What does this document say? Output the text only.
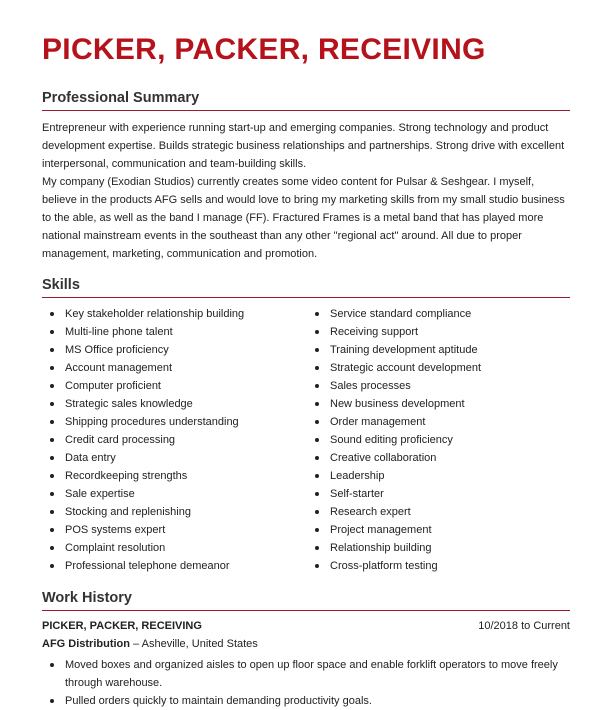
PICKER, PACKER, RECEIVING
Professional Summary

Entrepreneur with experience running start-up and emerging companies. Strong technology and product development expertise. Builds strategic business relationships and partnerships. Strong drive with excellent interpersonal, communication and team-building skills.

My company (Exodian Studios) currently creates some video content for Pulsar & Seshgear. I myself, believe in the products AFG sells and would love to bring my marketing skills from my small studio business to the able, as well as the band I manage (FF). Fractured Frames is a metal band that has played more national mainstream events in the southeast than any other "regional act" around. All due to proper management, marketing, communication and promotion.

Skills
Key stakeholder relationship building
Multi-line phone talent
MS Office proficiency
Account management
Computer proficient
Strategic sales knowledge
Shipping procedures understanding
Credit card processing
Data entry
Recordkeeping strengths
Sale expertise
Stocking and replenishing
POS systems expert
Complaint resolution
Professional telephone demeanor
Service standard compliance
Receiving support
Training development aptitude
Strategic account development
Sales processes
New business development
Order management
Sound editing proficiency
Creative collaboration
Leadership
Self-starter
Research expert
Project management
Relationship building
Cross-platform testing
Work History
PICKER, PACKER, RECEIVING	10/2018 to Current
AFG Distribution – Asheville, United States
Moved boxes and organized aisles to open up floor space and enable forklift operators to move freely through warehouse.
Pulled orders quickly to maintain demanding productivity goals.
